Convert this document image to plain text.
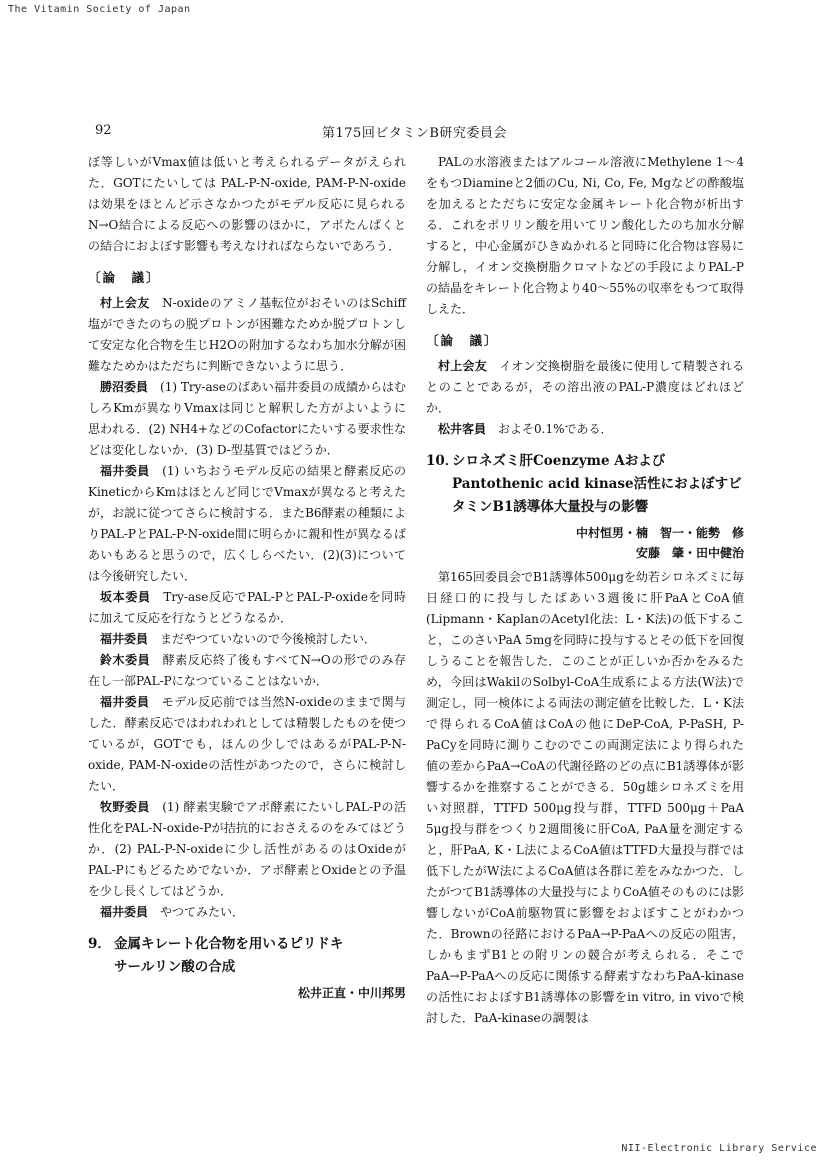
The Vitamin Society of Japan
92	第175回ビタミンB研究委員会

ぼ等しいがVmax値は低いと考えられるデータがえられた．GOTにたいしては PAL-P-N-oxide, PAM-P-N-oxideは効果をほとんど示さなかつたがモデル反応に見られるN→O結合による反応への影響のほかに，アポたんぱくとの結合におよぼす影響も考えなければならないであろう．

〔論　議〕

村上会友　 N-oxideのアミノ基転位がおそいのはSchiff塩ができたのちの脱プロトンが困難なためか脱プロトンして安定な化合物を生じH2Oの附加するなわち加水分解が困難なためかはただちに判断できないように思う．

勝沼委員　 (1) Try-aseのばあい福井委員の成績からはむしろKmが異なりVmaxは同じと解釈した方がよいように思われる．(2) NH4+などのCofactorにたいする要求性などは変化しないか．(3) D-型基質ではどうか．

福井委員　 (1) いちおうモデル反応の結果と酵素反応のKineticからKmはほとんど同じでVmaxが異なると考えたが，お説に従つてさらに検討する．またB6酵素の種類によりPAL-PとPAL-P-N-oxide間に明らかに親和性が異なるばあいもあると思うので，広くしらべたい．(2)(3)については今後研究したい．

坂本委員　 Try-ase反応でPAL-PとPAL-P-oxideを同時に加えて反応を行なうとどうなるか．

福井委員　 まだやつていないので今後検討したい．

鈴木委員　 酵素反応終了後もすべてN→Oの形でのみ存在し一部PAL-Pになつていることはないか．

福井委員　 モデル反応前では当然N-oxideのままで関与した．酵素反応ではわれわれとしては精製したものを使つているが，GOTでも，ほんの少しではあるがPAL-P-N-oxide, PAM-N-oxideの活性があつたので，さらに検討したい．

牧野委員　 (1) 酵素実験でアポ酵素にたいしPAL-Pの活性化をPAL-N-oxide-Pが拮抗的におさえるのをみてはどうか．(2) PAL-P-N-oxideに少し活性があるのはOxideがPAL-Pにもどるためでないか．アポ酵素とOxideとの予温を少し長くしてはどうか．

福井委員　 やつてみたい．

9． 金属キレート化合物を用いるピリドキ
サールリン酸の合成
松井正直・中川邦男

PALの水溶液またはアルコール溶液にMethylene 1～4をもつDiamineと2価のCu, Ni, Co, Fe, Mgなどの酢酸塩を加えるとただちに安定な金属キレート化合物が析出する．これをポリリン酸を用いてリン酸化したのち加水分解すると，中心金属がひきぬかれると同時に化合物は容易に分解し，イオン交換樹脂クロマトなどの手段によりPAL-Pの結晶をキレート化合物より40～55%の収率をもつて取得しえた．

〔論　議〕

村上会友　 イオン交換樹脂を最後に使用して精製されるとのことであるが，その溶出液のPAL-P濃度はどれほどか．

松井客員　 およそ0.1%である．

10．
シロネズミ肝Coenzyme AおよびPantothenic acid kinase活性におよぼすビタミンB1誘導体大量投与の影響
中村恒男・楠　智一・能勢　修
安藤　肇・田中健治

第165回委員会でB1誘導体500μgを幼若シロネズミに毎日経口的に投与したばあい3週後に肝PaAとCoA値(Lipmann・KaplanのAcetyl化法：L・K法)の低下すること，このさいPaA 5mgを同時に投与するとその低下を回復しうることを報告した．このことが正しいか否かをみるため，今回はWakilのSolbyl-CoA生成系による方法(W法)で測定し，同一検体による両法の測定値を比較した．L・K法で得られるCoA値はCoAの他にDeP-CoA, P-PaSH, P-PaCyを同時に測りこむのでこの両測定法により得られた値の差からPaA→CoAの代謝径路のどの点にB1誘導体が影響するかを推察することができる．50g雄シロネズミを用い対照群，TTFD 500μg投与群，TTFD 500μg＋PaA 5μg投与群をつくり2週間後に肝CoA, PaA量を測定すると，肝PaA, K・L法によるCoA値はTTFD大量投与群では低下したがW法によるCoA値は各群に差をみなかつた．したがつてB1誘導体の大量投与によりCoA値そのものには影響しないがCoA前駆物質に影響をおよぼすことがわかつた．Brownの径路におけるPaA→P-PaAへの反応の阻害，しかもまずB1との附リンの競合が考えられる．そこでPaA→P-PaAへの反応に関係する酵素すなわちPaA-kinaseの活性におよぼすB1誘導体の影響をin vitro, in vivoで検討した．PaA-kinaseの調製は

NII-Electronic Library Service
